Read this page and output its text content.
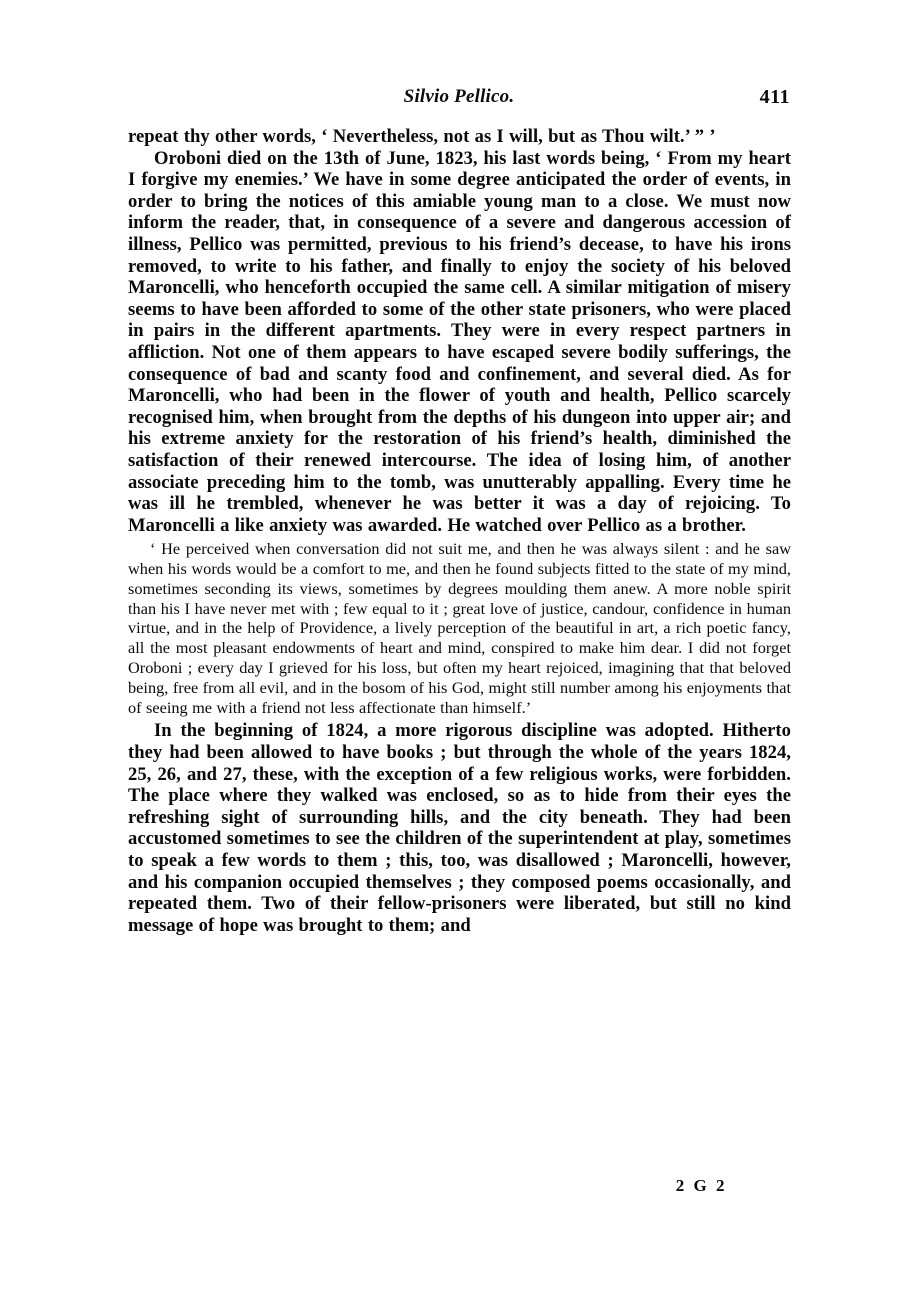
Silvio Pellico.	411

repeat thy other words, ‘ Nevertheless, not as I will, but as Thou wilt.’ ” ’

Oroboni died on the 13th of June, 1823, his last words being, ‘ From my heart I forgive my enemies.’ We have in some degree anticipated the order of events, in order to bring the notices of this amiable young man to a close. We must now inform the reader, that, in consequence of a severe and dangerous accession of illness, Pellico was permitted, previous to his friend’s decease, to have his irons removed, to write to his father, and finally to enjoy the society of his beloved Maroncelli, who henceforth occupied the same cell. A similar mitigation of misery seems to have been afforded to some of the other state prisoners, who were placed in pairs in the different apartments. They were in every respect partners in affliction. Not one of them appears to have escaped severe bodily sufferings, the consequence of bad and scanty food and confinement, and several died. As for Maroncelli, who had been in the flower of youth and health, Pellico scarcely recognised him, when brought from the depths of his dungeon into upper air; and his extreme anxiety for the restoration of his friend’s health, diminished the satisfaction of their renewed intercourse. The idea of losing him, of another associate preceding him to the tomb, was unutterably appalling. Every time he was ill he trembled, whenever he was better it was a day of rejoicing. To Maroncelli a like anxiety was awarded. He watched over Pellico as a brother.

‘ He perceived when conversation did not suit me, and then he was always silent : and he saw when his words would be a comfort to me, and then he found subjects fitted to the state of my mind, sometimes seconding its views, sometimes by degrees moulding them anew. A more noble spirit than his I have never met with ; few equal to it ; great love of justice, candour, confidence in human virtue, and in the help of Providence, a lively perception of the beautiful in art, a rich poetic fancy, all the most pleasant endowments of heart and mind, conspired to make him dear. I did not forget Oroboni ; every day I grieved for his loss, but often my heart rejoiced, imagining that that beloved being, free from all evil, and in the bosom of his God, might still number among his enjoyments that of seeing me with a friend not less affectionate than himself.’

In the beginning of 1824, a more rigorous discipline was adopted. Hitherto they had been allowed to have books ; but through the whole of the years 1824, 25, 26, and 27, these, with the exception of a few religious works, were forbidden. The place where they walked was enclosed, so as to hide from their eyes the refreshing sight of surrounding hills, and the city beneath. They had been accustomed sometimes to see the children of the superintendent at play, sometimes to speak a few words to them ; this, too, was disallowed ; Maroncelli, however, and his companion occupied themselves ; they composed poems occasionally, and repeated them. Two of their fellow-prisoners were liberated, but still no kind message of hope was brought to them; and

2 G 2
